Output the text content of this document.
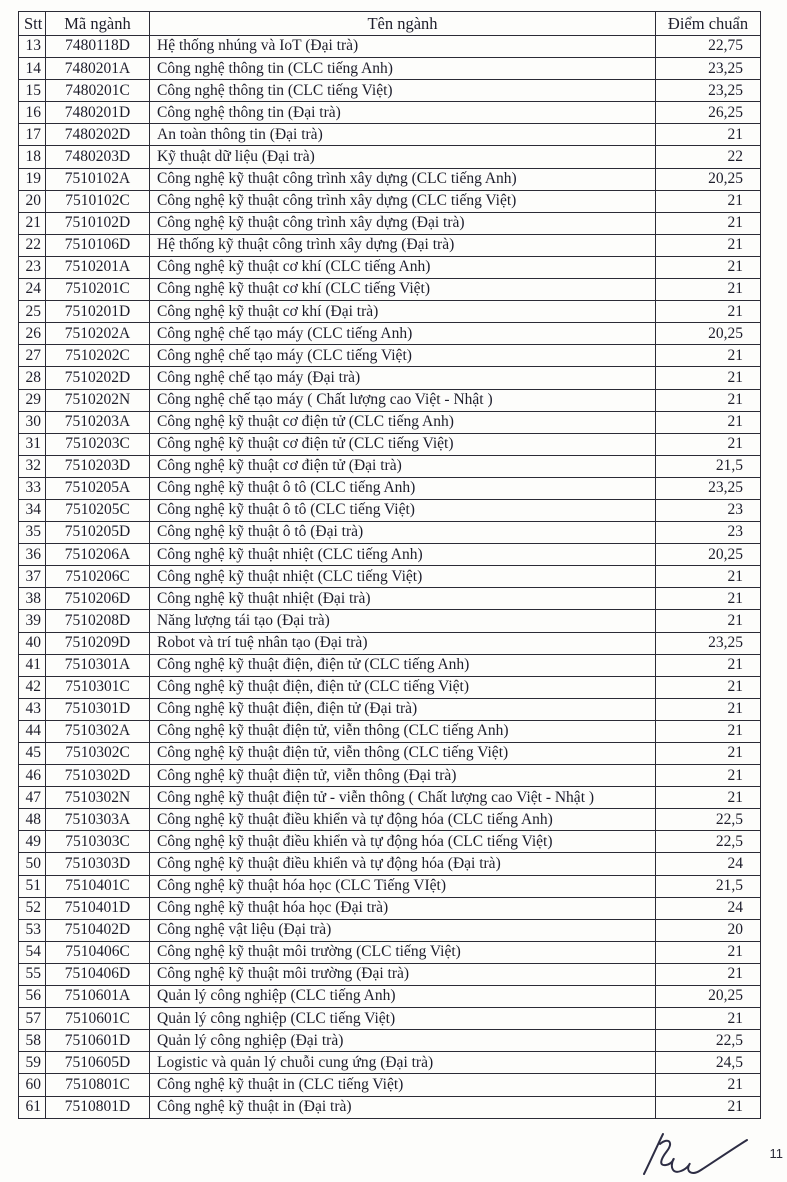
Stt	Mã ngành	Tên ngành	Điểm chuẩn
13	7480118D	Hệ thống nhúng và IoT (Đại trà)	22,75
14	7480201A	Công nghệ thông tin (CLC tiếng Anh)	23,25
15	7480201C	Công nghệ thông tin (CLC tiếng Việt)	23,25
16	7480201D	Công nghệ thông tin (Đại trà)	26,25
17	7480202D	An toàn thông tin (Đại trà)	21
18	7480203D	Kỹ thuật dữ liệu (Đại trà)	22
19	7510102A	Công nghệ kỹ thuật công trình xây dựng (CLC tiếng Anh)	20,25
20	7510102C	Công nghệ kỹ thuật công trình xây dựng (CLC tiếng Việt)	21
21	7510102D	Công nghệ kỹ thuật công trình xây dựng (Đại trà)	21
22	7510106D	Hệ thống kỹ thuật công trình xây dựng (Đại trà)	21
23	7510201A	Công nghệ kỹ thuật cơ khí (CLC tiếng Anh)	21
24	7510201C	Công nghệ kỹ thuật cơ khí (CLC tiếng Việt)	21
25	7510201D	Công nghệ kỹ thuật cơ khí (Đại trà)	21
26	7510202A	Công nghệ chế tạo máy (CLC tiếng Anh)	20,25
27	7510202C	Công nghệ chế tạo máy (CLC tiếng Việt)	21
28	7510202D	Công nghệ chế tạo máy (Đại trà)	21
29	7510202N	Công nghệ chế tạo máy ( Chất lượng cao Việt - Nhật )	21
30	7510203A	Công nghệ kỹ thuật cơ điện tử (CLC tiếng Anh)	21
31	7510203C	Công nghệ kỹ thuật cơ điện tử (CLC tiếng Việt)	21
32	7510203D	Công nghệ kỹ thuật cơ điện tử (Đại trà)	21,5
33	7510205A	Công nghệ kỹ thuật ô tô (CLC tiếng Anh)	23,25
34	7510205C	Công nghệ kỹ thuật ô tô (CLC tiếng Việt)	23
35	7510205D	Công nghệ kỹ thuật ô tô (Đại trà)	23
36	7510206A	Công nghệ kỹ thuật nhiệt (CLC tiếng Anh)	20,25
37	7510206C	Công nghệ kỹ thuật nhiệt (CLC tiếng Việt)	21
38	7510206D	Công nghệ kỹ thuật nhiệt (Đại trà)	21
39	7510208D	Năng lượng tái tạo (Đại trà)	21
40	7510209D	Robot và trí tuệ nhân tạo (Đại trà)	23,25
41	7510301A	Công nghệ kỹ thuật điện, điện tử (CLC tiếng Anh)	21
42	7510301C	Công nghệ kỹ thuật điện, điện tử (CLC tiếng Việt)	21
43	7510301D	Công nghệ kỹ thuật điện, điện tử (Đại trà)	21
44	7510302A	Công nghệ kỹ thuật điện tử, viễn thông (CLC tiếng Anh)	21
45	7510302C	Công nghệ kỹ thuật điện tử, viễn thông (CLC tiếng Việt)	21
46	7510302D	Công nghệ kỹ thuật điện tử, viễn thông (Đại trà)	21
47	7510302N	Công nghệ kỹ thuật điện tử - viễn thông ( Chất lượng cao Việt - Nhật )	21
48	7510303A	Công nghệ kỹ thuật điều khiển và tự động hóa (CLC tiếng Anh)	22,5
49	7510303C	Công nghệ kỹ thuật điều khiển và tự động hóa (CLC tiếng Việt)	22,5
50	7510303D	Công nghệ kỹ thuật điều khiển và tự động hóa (Đại trà)	24
51	7510401C	Công nghệ kỹ thuật hóa học (CLC Tiếng VIệt)	21,5
52	7510401D	Công nghệ kỹ thuật hóa học (Đại trà)	24
53	7510402D	Công nghệ vật liệu (Đại trà)	20
54	7510406C	Công nghệ kỹ thuật môi trường (CLC tiếng Việt)	21
55	7510406D	Công nghệ kỹ thuật môi trường (Đại trà)	21
56	7510601A	Quản lý công nghiệp (CLC tiếng Anh)	20,25
57	7510601C	Quản lý công nghiệp (CLC tiếng Việt)	21
58	7510601D	Quản lý công nghiệp (Đại trà)	22,5
59	7510605D	Logistic và quản lý chuỗi cung ứng (Đại trà)	24,5
60	7510801C	Công nghệ kỹ thuật in (CLC tiếng Việt)	21
61	7510801D	Công nghệ kỹ thuật in (Đại trà)	21
11
